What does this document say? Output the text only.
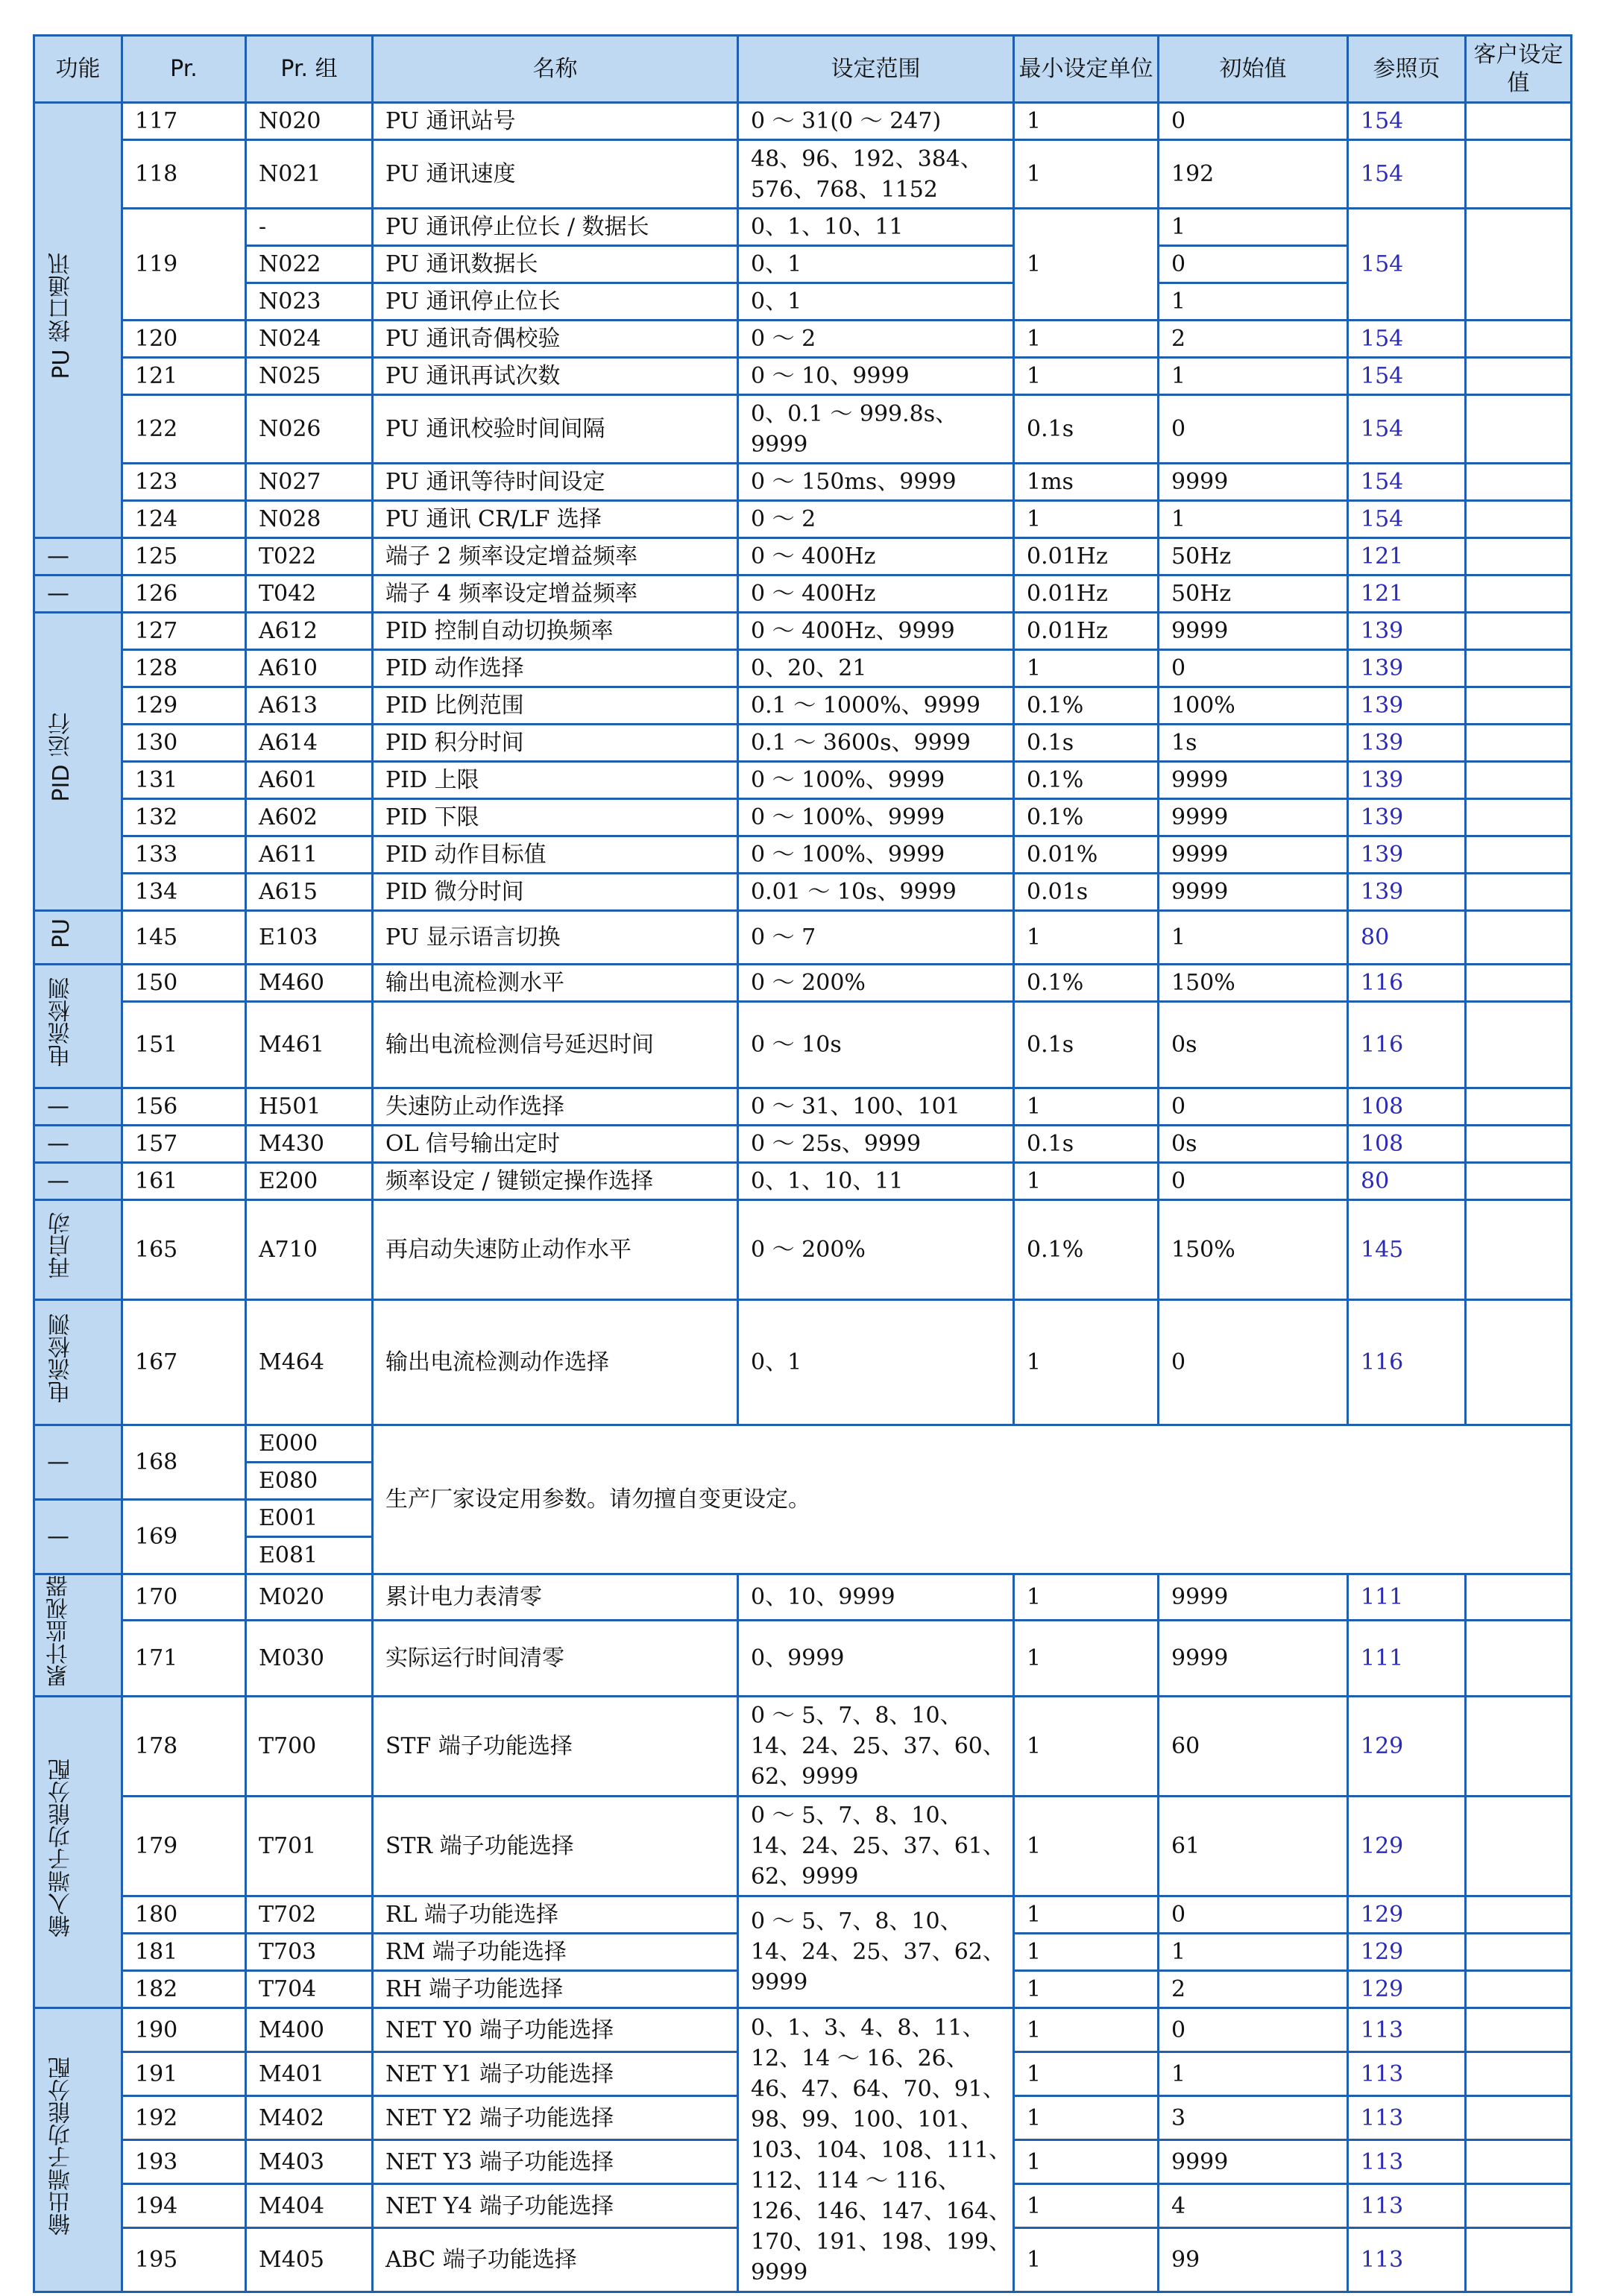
功能	Pr.	Pr. 组	名称	设定范围	最小设定单位	初始值	参照页	客户设定值
PU 接口通讯	117	N020	PU 通讯站号	0 ～ 31(0 ～ 247)	1	0	154	
	118	N021	PU 通讯速度	48、96、192、384、576、768、1152	1	192	154	
	119	-	PU 通讯停止位长 / 数据长	0、1、10、11	1	1	154	
		N022	PU 通讯数据长	0、1		0		
		N023	PU 通讯停止位长	0、1		1		
	120	N024	PU 通讯奇偶校验	0 ～ 2	1	2	154	
	121	N025	PU 通讯再试次数	0 ～ 10、9999	1	1	154	
	122	N026	PU 通讯校验时间间隔	0、0.1 ～ 999.8s、9999	0.1s	0	154	
	123	N027	PU 通讯等待时间设定	0 ～ 150ms、9999	1ms	9999	154	
	124	N028	PU 通讯 CR/LF 选择	0 ～ 2	1	1	154	
—	125	T022	端子 2 频率设定增益频率	0 ～ 400Hz	0.01Hz	50Hz	121	
—	126	T042	端子 4 频率设定增益频率	0 ～ 400Hz	0.01Hz	50Hz	121	
PID 运行	127	A612	PID 控制自动切换频率	0 ～ 400Hz、9999	0.01Hz	9999	139	
	128	A610	PID 动作选择	0、20、21	1	0	139	
	129	A613	PID 比例范围	0.1 ～ 1000%、9999	0.1%	100%	139	
	130	A614	PID 积分时间	0.1 ～ 3600s、9999	0.1s	1s	139	
	131	A601	PID 上限	0 ～ 100%、9999	0.1%	9999	139	
	132	A602	PID 下限	0 ～ 100%、9999	0.1%	9999	139	
	133	A611	PID 动作目标值	0 ～ 100%、9999	0.01%	9999	139	
	134	A615	PID 微分时间	0.01 ～ 10s、9999	0.01s	9999	139	
PU	145	E103	PU 显示语言切换	0 ～ 7	1	1	80	
电流检测	150	M460	输出电流检测水平	0 ～ 200%	0.1%	150%	116	
	151	M461	输出电流检测信号延迟时间	0 ～ 10s	0.1s	0s	116	
—	156	H501	失速防止动作选择	0 ～ 31、100、101	1	0	108	
—	157	M430	OL 信号输出定时	0 ～ 25s、9999	0.1s	0s	108	
—	161	E200	频率设定 / 键锁定操作选择	0、1、10、11	1	0	80	
再启动	165	A710	再启动失速防止动作水平	0 ～ 200%	0.1%	150%	145	
电流检测	167	M464	输出电流检测动作选择	0、1	1	0	116	
—	168	E000	生产厂家设定用参数。请勿擅自变更设定。					
		E080						
—	169	E001						
		E081						
累计监视器	170	M020	累计电力表清零	0、10、9999	1	9999	111	
	171	M030	实际运行时间清零	0、9999	1	9999	111	
输入端子功能分配	178	T700	STF 端子功能选择	0 ～ 5、7、8、10、14、24、25、37、60、62、9999	1	60	129	
	179	T701	STR 端子功能选择	0 ～ 5、7、8、10、14、24、25、37、61、62、9999	1	61	129	
	180	T702	RL 端子功能选择	0 ～ 5、7、8、10、14、24、25、37、62、9999	1	0	129	
	181	T703	RM 端子功能选择		1	1	129	
	182	T704	RH 端子功能选择		1	2	129	
输出端子功能分配	190	M400	NET Y0 端子功能选择	0、1、3、4、8、11、12、14 ～ 16、26、46、47、64、70、91、98、99、100、101、103、104、108、111、112、114 ～ 116、126、146、147、164、170、191、198、199、9999	1	0	113	
	191	M401	NET Y1 端子功能选择		1	1	113	
	192	M402	NET Y2 端子功能选择		1	3	113	
	193	M403	NET Y3 端子功能选择		1	9999	113	
	194	M404	NET Y4 端子功能选择		1	4	113	
	195	M405	ABC 端子功能选择		1	99	113	
